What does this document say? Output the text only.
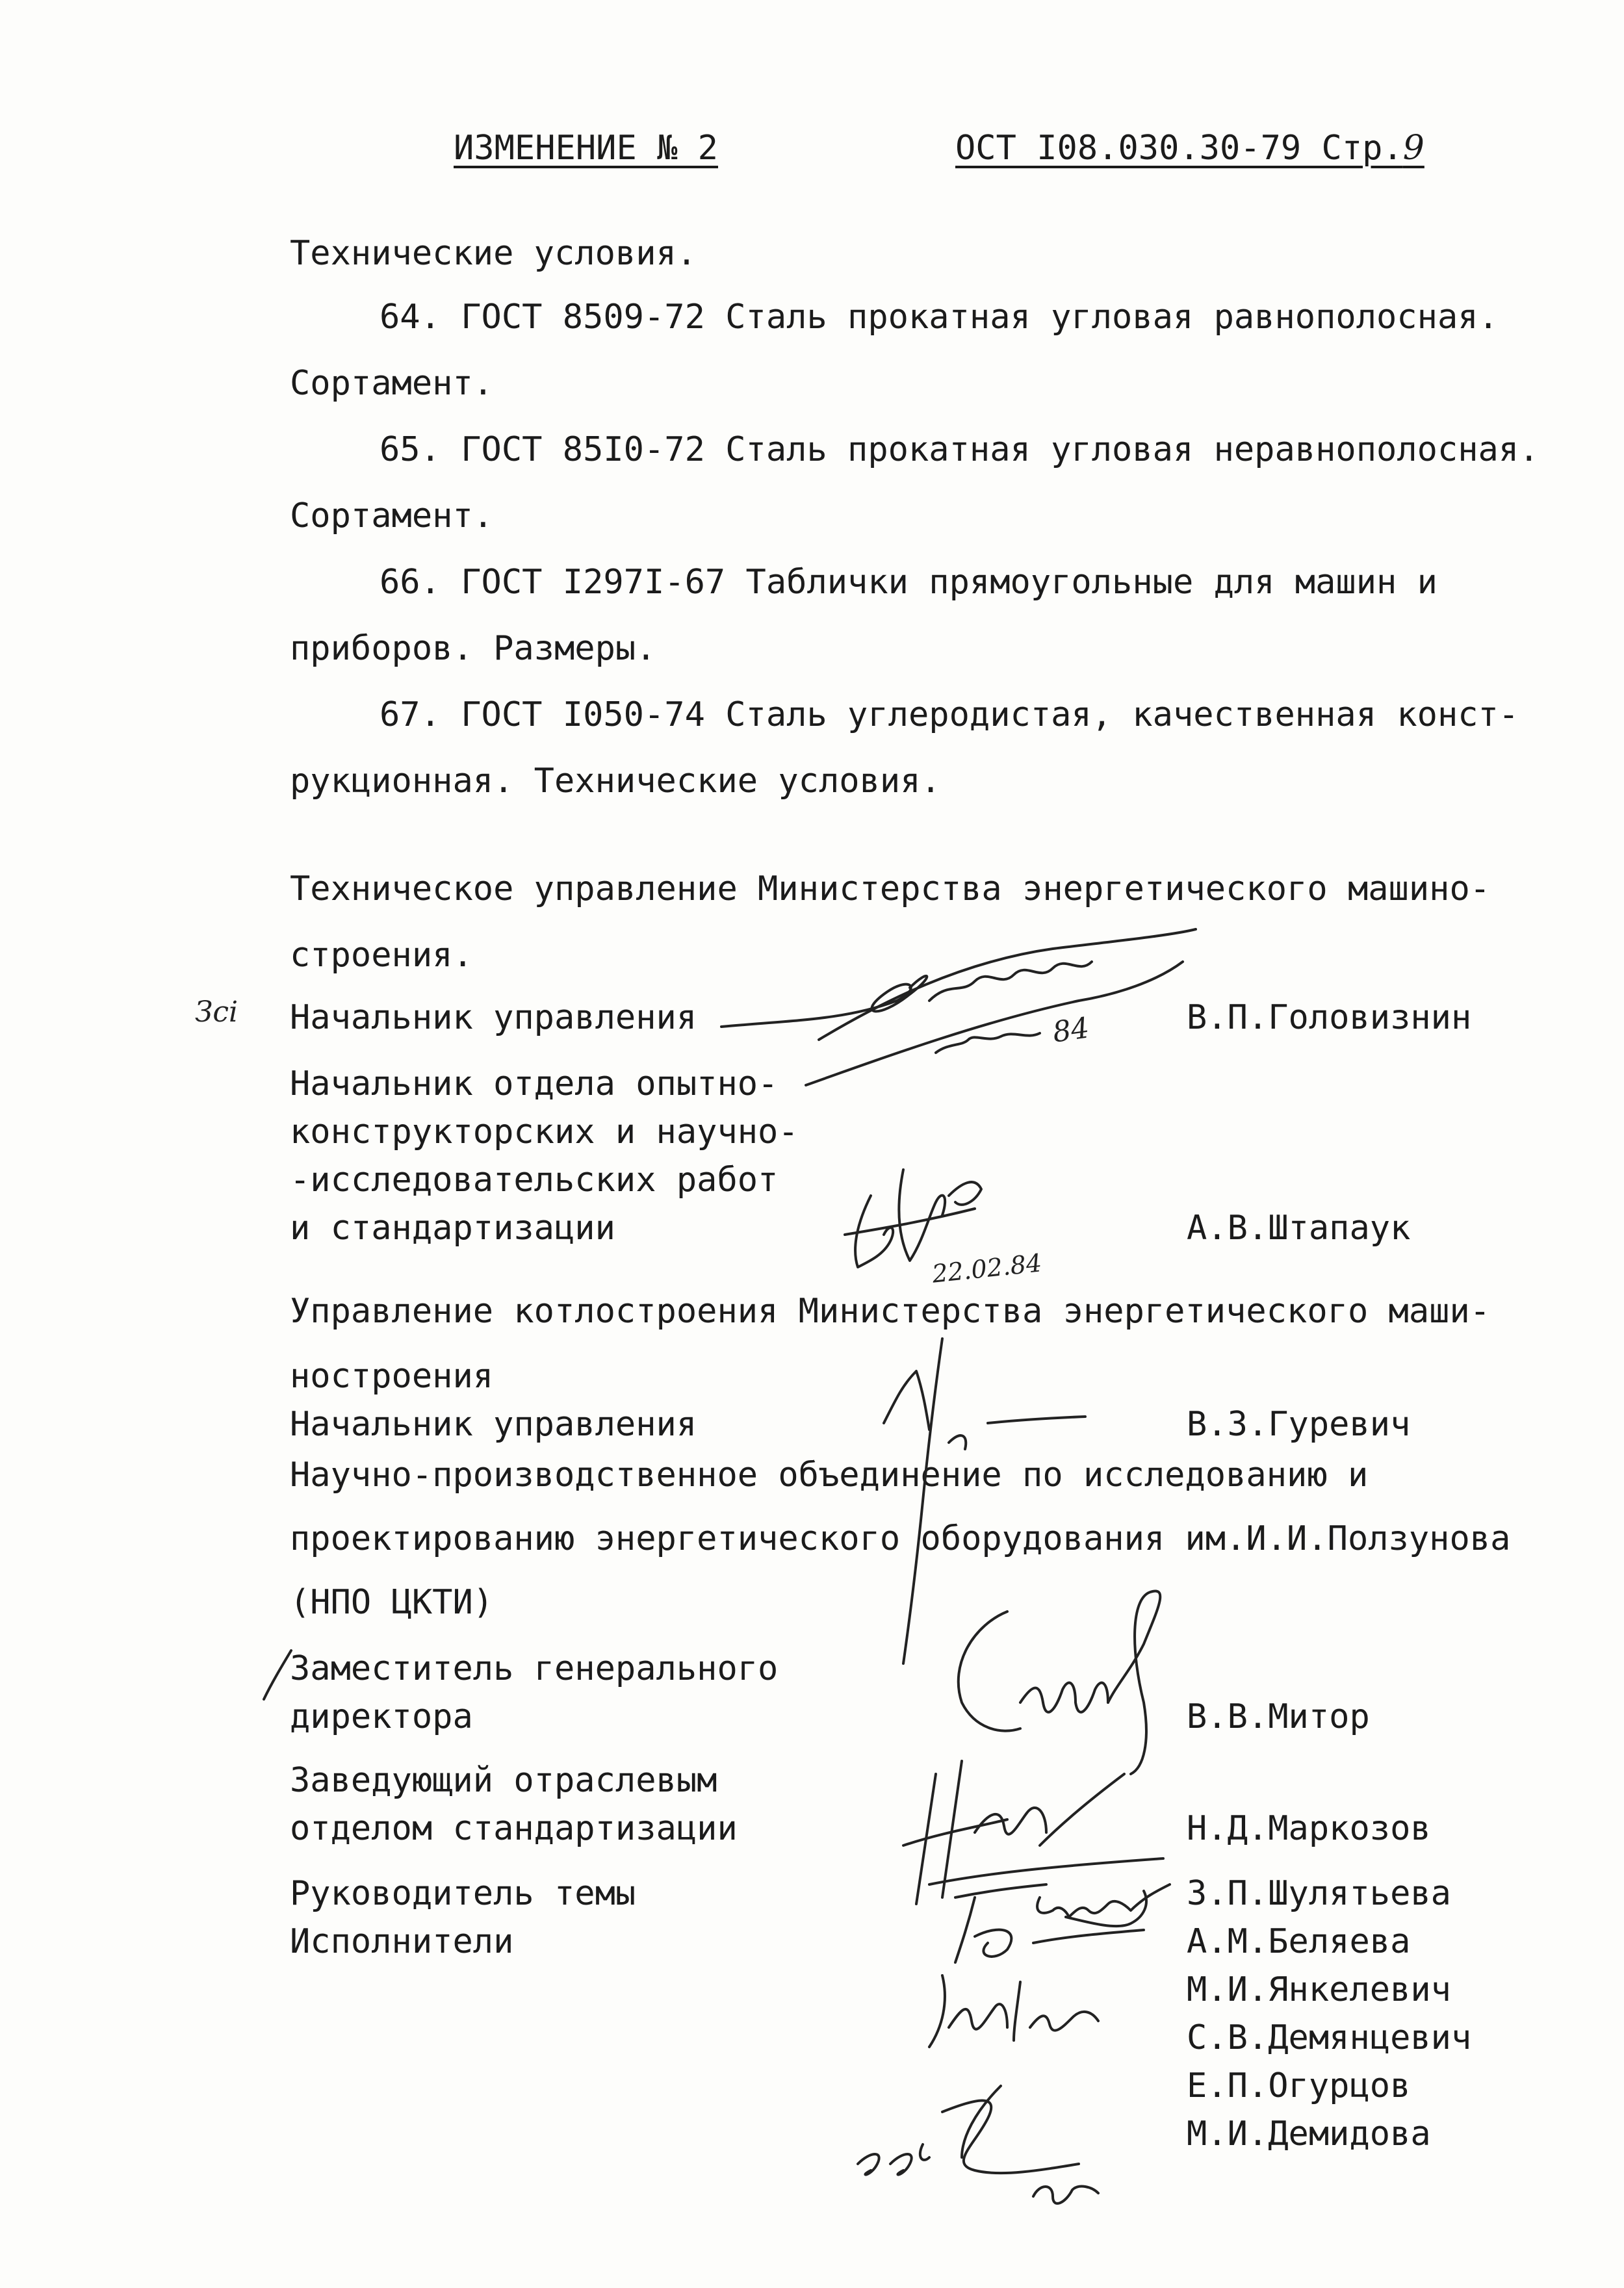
ИЗМЕНЕНИЕ № 2	ОСТ I08.030.30-79 Стр.9
Технические условия.
64. ГОСТ 8509-72 Сталь прокатная угловая равнополосная.
Сортамент.
65. ГОСТ 85I0-72 Сталь прокатная угловая неравнополосная.
Сортамент.
66. ГОСТ I297I-67 Таблички прямоугольные для машин и
приборов. Размеры.
67. ГОСТ I050-74 Сталь углеродистая, качественная конст-
рукционная. Технические условия.
Техническое управление Министерства энергетического машино-
строения.
Зсі Начальник управления	В.П.Головизнин
Начальник отдела опытно-
конструкторских и научно-
-исследовательских работ
и стандартизации	А.В.Штапаук
Управление котлостроения Министерства энергетического маши-
ностроения
Начальник управления	В.З.Гуревич
Научно-производственное объединение по исследованию и
проектированию энергетического оборудования им.И.И.Ползунова
(НПО ЦКТИ)
Заместитель генерального
директора	В.В.Митор
Заведующий отраслевым
отделом стандартизации	Н.Д.Маркозов
Руководитель темы	З.П.Шулятьева
Исполнители	А.М.Беляева
М.И.Янкелевич
С.В.Демянцевич
Е.П.Огурцов
М.И.Демидова
84
22.02.84
